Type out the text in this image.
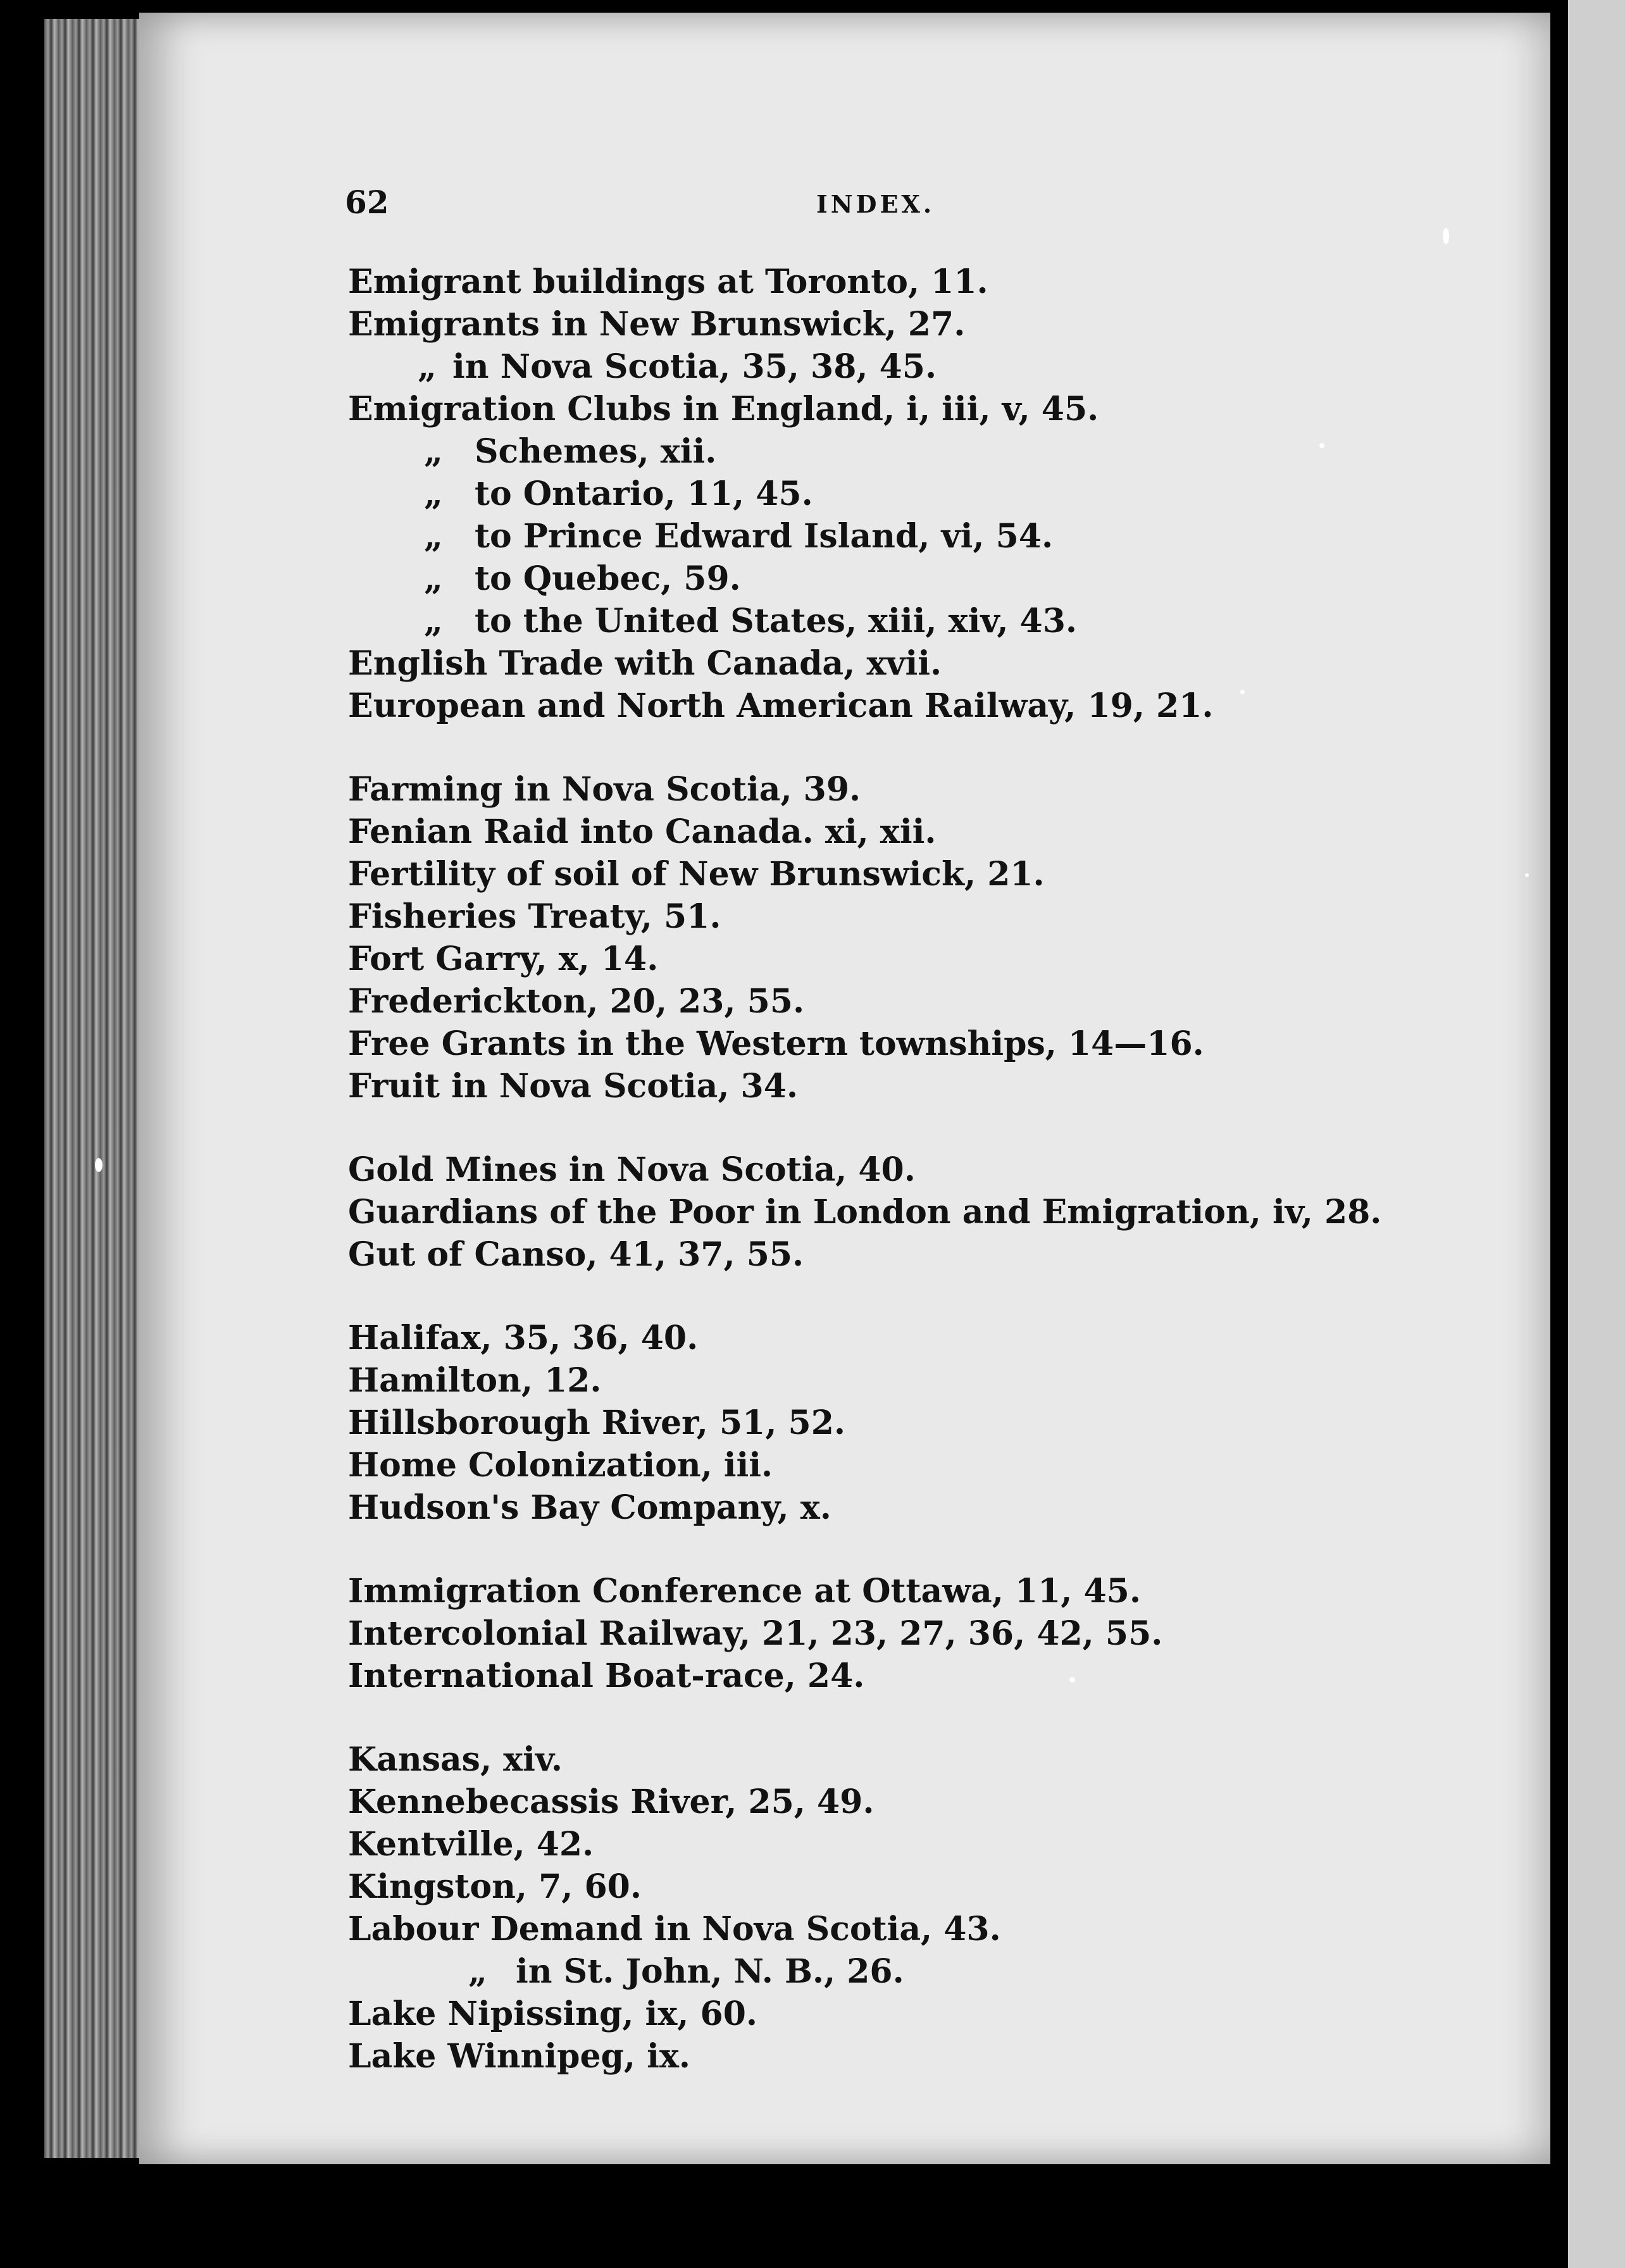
62	INDEX.
Emigrant buildings at Toronto, 11.
Emigrants in New Brunswick, 27.
„ in Nova Scotia, 35, 38, 45.
Emigration Clubs in England, i, iii, v, 45.
„ Schemes, xii.
„ to Ontario, 11, 45.
„ to Prince Edward Island, vi, 54.
„ to Quebec, 59.
„ to the United States, xiii, xiv, 43.
English Trade with Canada, xvii.
European and North American Railway, 19, 21.
Farming in Nova Scotia, 39.
Fenian Raid into Canada. xi, xii.
Fertility of soil of New Brunswick, 21.
Fisheries Treaty, 51.
Fort Garry, x, 14.
Frederickton, 20, 23, 55.
Free Grants in the Western townships, 14—16.
Fruit in Nova Scotia, 34.
Gold Mines in Nova Scotia, 40.
Guardians of the Poor in London and Emigration, iv, 28.
Gut of Canso, 41, 37, 55.
Halifax, 35, 36, 40.
Hamilton, 12.
Hillsborough River, 51, 52.
Home Colonization, iii.
Hudson's Bay Company, x.
Immigration Conference at Ottawa, 11, 45.
Intercolonial Railway, 21, 23, 27, 36, 42, 55.
International Boat-race, 24.
Kansas, xiv.
Kennebecassis River, 25, 49.
Kentville, 42.
Kingston, 7, 60.
Labour Demand in Nova Scotia, 43.
„ in St. John, N. B., 26.
Lake Nipissing, ix, 60.
Lake Winnipeg, ix.
